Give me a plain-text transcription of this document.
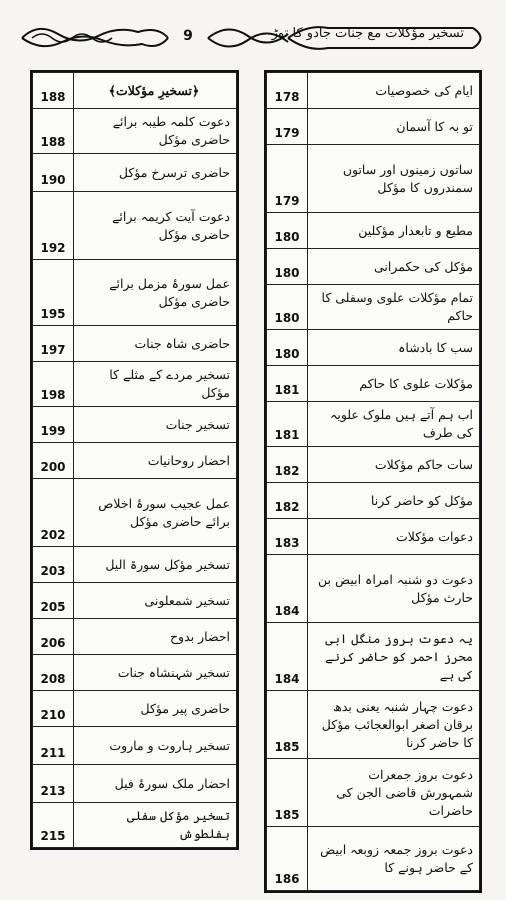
9	تسخیر مؤکلات مع جنات جادو کا توڑ
188	﴿تسخیرِ مؤکلات﴾
188	دعوت کلمہ طیبہ برائے حاضری مؤکل
190	حاضری ترسرخ مؤکل
192	دعوت آیت کریمہ برائے حاضری مؤکل
195	عمل سورۂ مزمل برائے حاضری مؤکل
197	حاضری شاہ جنات
198	تسخیر مردے کے مثلے کا مؤکل
199	تسخیر جنات
200	احضار روحانیات
202	عمل عجیب سورۂ اخلاص برائے حاضری مؤکل
203	تسخیر مؤکل سورۃ الیل
205	تسخیر شمعلونی
206	احضار بدوح
208	تسخیر شہنشاہ جنات
210	حاضری پیر مؤکل
211	تسخیر ہاروت و ماروت
213	احضار ملک سورۂ فیل
215	تسخیر مؤکل سفلی ہفلطوش
178	ایام کی خصوصیات
179	تو بہ کا آسمان
179	ساتوں زمینوں اور ساتوں سمندروں کا مؤکل
180	مطیع و تابعدار مؤکلین
180	مؤکل کی حکمرانی
180	تمام مؤکلات علوی وسفلی کا حاکم
180	سب کا بادشاہ
181	مؤکلات علوی کا حاکم
181	اب ہم آتے ہیں ملوک علویہ کی طرف
182	سات حاکم مؤکلات
182	مؤکل کو حاضر کرنا
183	دعوات مؤکلات
184	دعوت دو شنبہ امراہ ابیض بن حارث مؤکل
184	یہ دعوت بروز منگل ابی محرز احمر کو حاضر کرنے کی ہے
185	دعوت چہار شنبہ یعنی بدھ برقان اصغر ابوالعجائب مؤکل کا حاضر کرنا
185	دعوت بروز جمعرات شمہورش قاضی الجن کی حاضرات
186	دعوت بروز جمعہ زوبعہ ابیض کے حاضر ہونے کا
